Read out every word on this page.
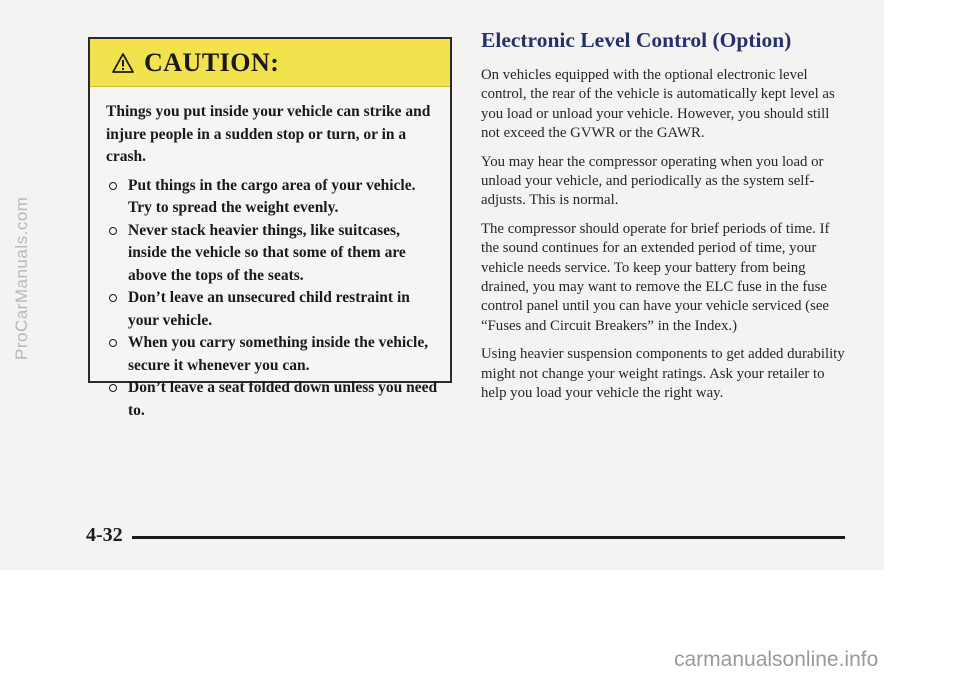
CAUTION:

Things you put inside your vehicle can strike and injure people in a sudden stop or turn, or in a crash.

Put things in the cargo area of your vehicle. Try to spread the weight evenly.
Never stack heavier things, like suitcases, inside the vehicle so that some of them are above the tops of the seats.
Don’t leave an unsecured child restraint in your vehicle.
When you carry something inside the vehicle, secure it whenever you can.
Don’t leave a seat folded down unless you need to.
Electronic Level Control (Option)

On vehicles equipped with the optional electronic level control, the rear of the vehicle is automatically kept level as you load or unload your vehicle. However, you should still not exceed the GVWR or the GAWR.

You may hear the compressor operating when you load or unload your vehicle, and periodically as the system self-adjusts. This is normal.

The compressor should operate for brief periods of time. If the sound continues for an extended period of time, your vehicle needs service. To keep your battery from being drained, you may want to remove the ELC fuse in the fuse control panel until you can have your vehicle serviced (see “Fuses and Circuit Breakers” in the Index.)

Using heavier suspension components to get added durability might not change your weight ratings. Ask your retailer to help you load your vehicle the right way.

4-32
ProCarManuals.com
carmanualsonline.info
